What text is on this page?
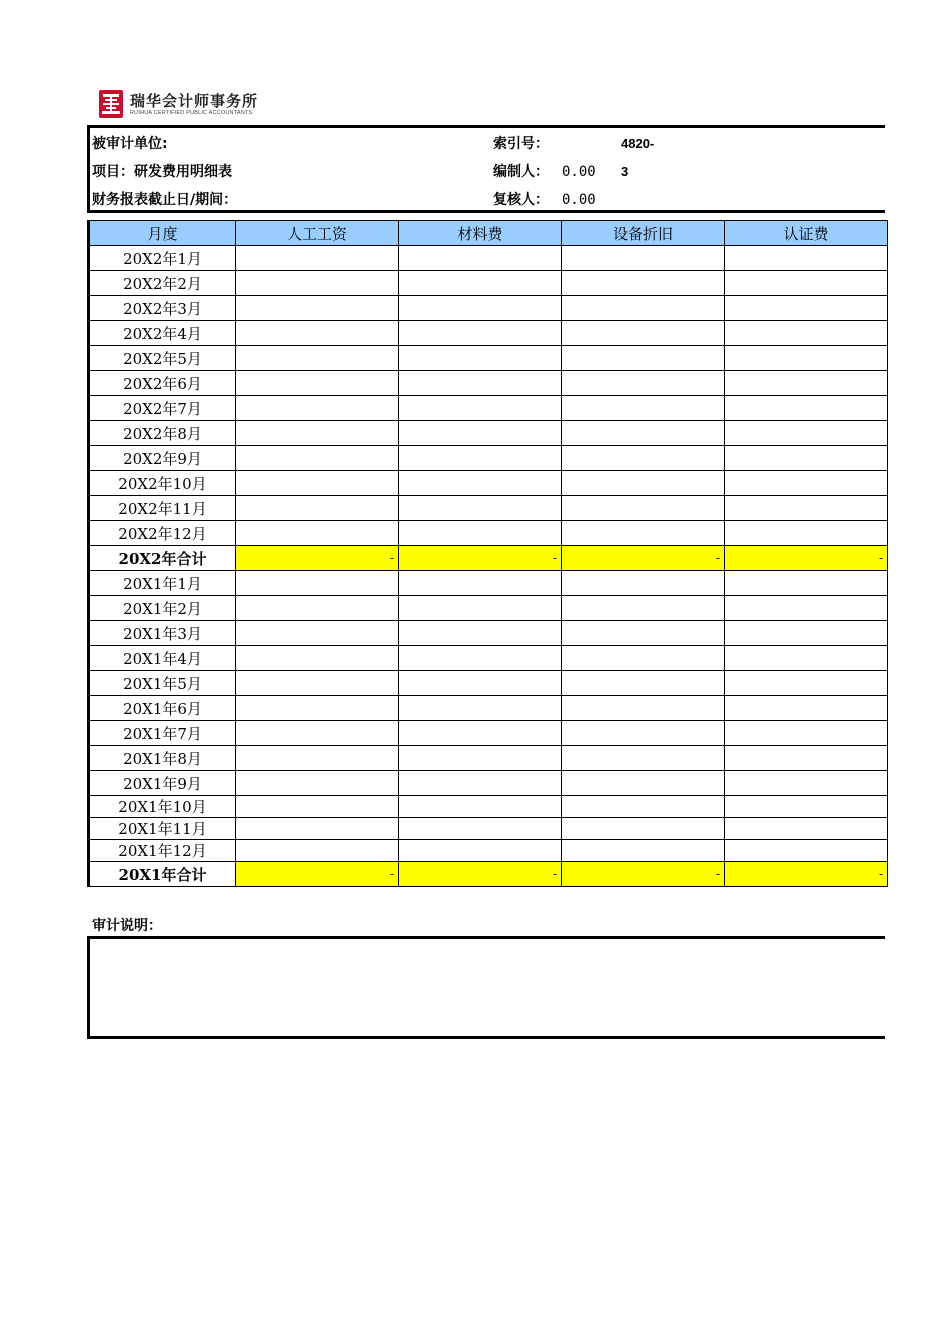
瑞华会计师事务所
RUIHUA CERTIFIED PUBLIC ACCOUNTANTS
被审计单位:	索引号：	4820-3
项目：研发费用明细表	编制人： 0.00
财务报表截止日/期间：	复核人： 0.00
月度	人工工资	材料费	设备折旧	认证费
20X2年1月				
20X2年2月				
20X2年3月				
20X2年4月				
20X2年5月				
20X2年6月				
20X2年7月				
20X2年8月				
20X2年9月				
20X2年10月				
20X2年11月				
20X2年12月				
20X2年合计	-	-	-	-
20X1年1月				
20X1年2月				
20X1年3月				
20X1年4月				
20X1年5月				
20X1年6月				
20X1年7月				
20X1年8月				
20X1年9月				
20X1年10月				
20X1年11月				
20X1年12月				
20X1年合计	-	-	-	-
审计说明：
